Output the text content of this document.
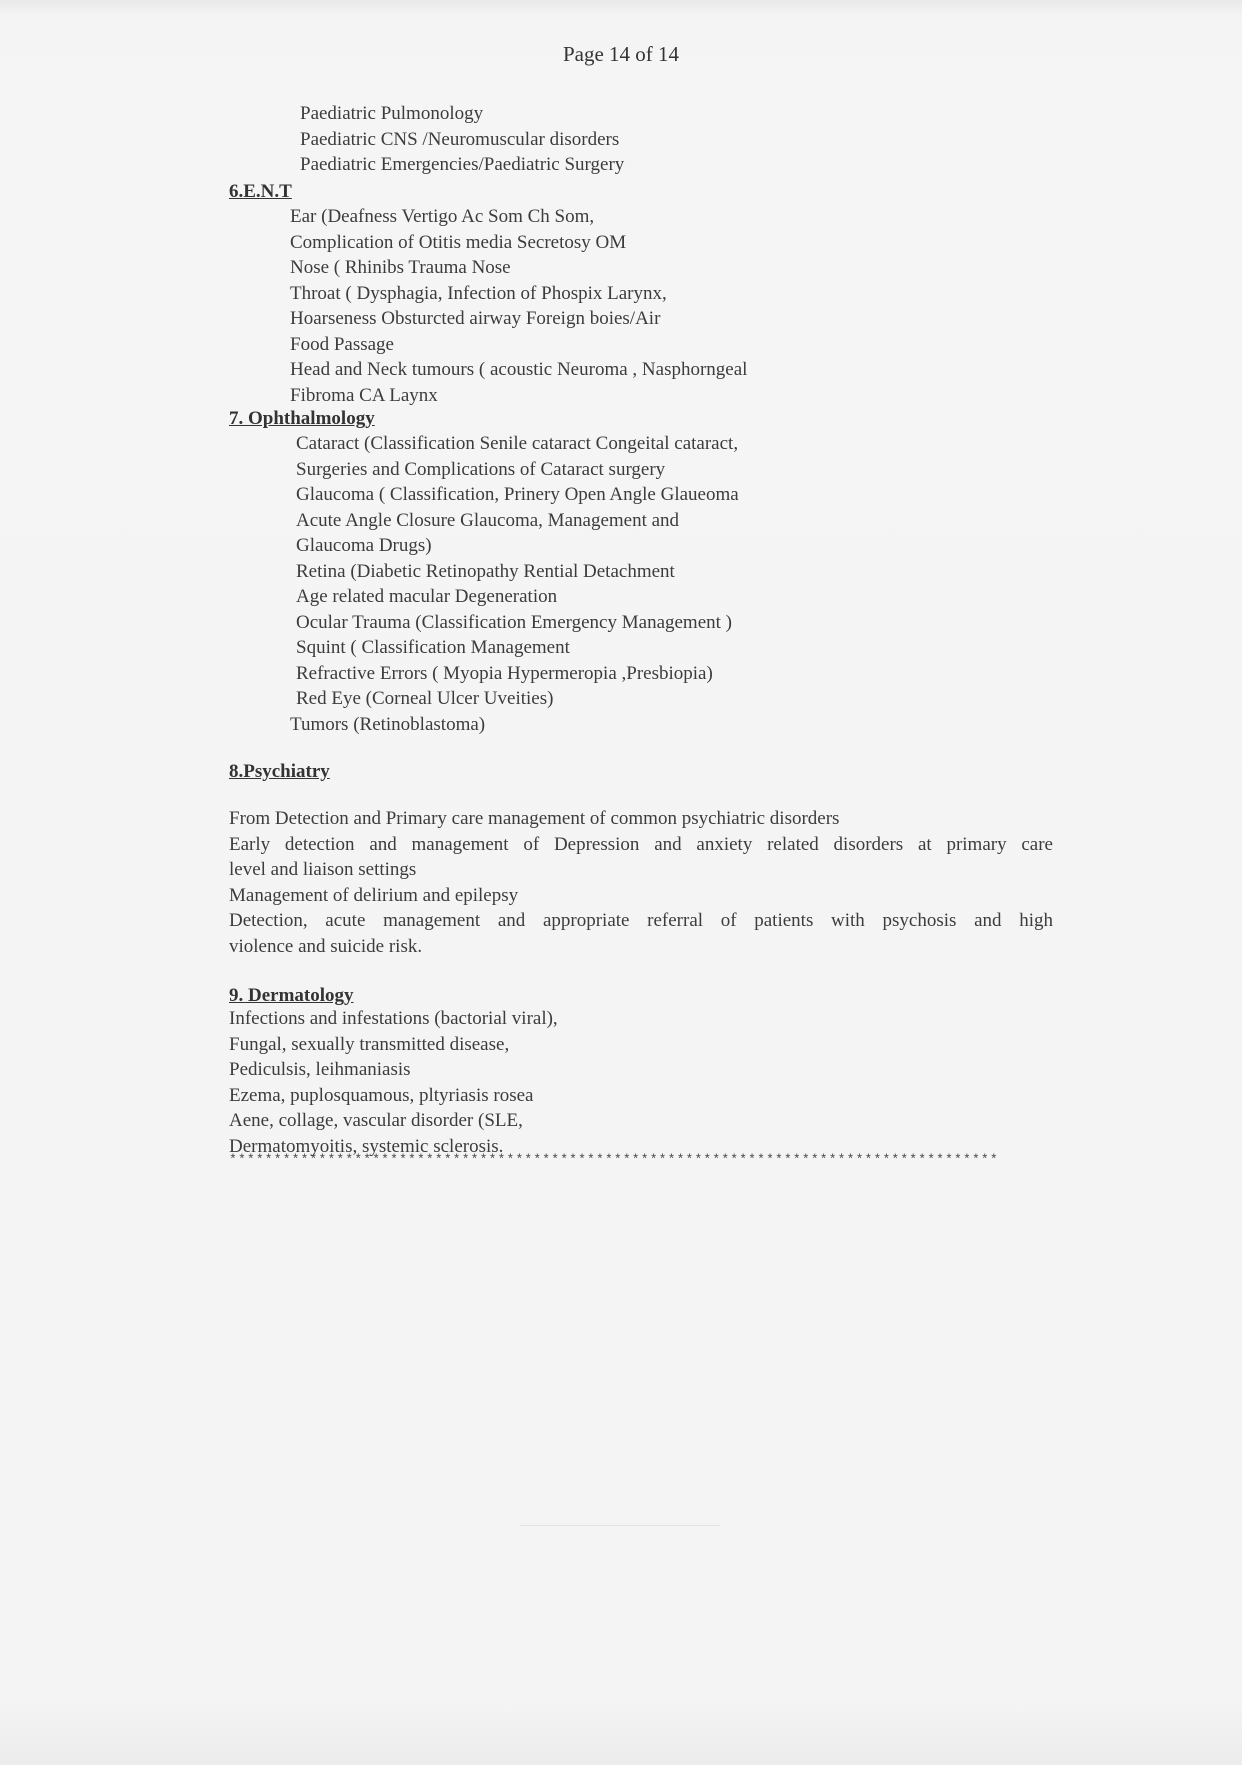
Page 14 of 14
Paediatric Pulmonology
Paediatric CNS /Neuromuscular disorders
Paediatric Emergencies/Paediatric Surgery
6.E.N.T
Ear (Deafness Vertigo Ac Som Ch Som,
Complication of Otitis media Secretosy OM
Nose ( Rhinibs Trauma Nose
Throat ( Dysphagia, Infection of Phospix Larynx,
Hoarseness Obsturcted airway Foreign boies/Air
Food Passage
Head and Neck tumours ( acoustic Neuroma , Nasphorngeal
Fibroma CA Laynx
7. Ophthalmology
Cataract (Classification Senile cataract Congeital cataract,
Surgeries and Complications of Cataract surgery
Glaucoma ( Classification, Prinery Open Angle Glaueoma
Acute Angle Closure Glaucoma, Management and
Glaucoma Drugs)
Retina (Diabetic Retinopathy Rential Detachment
Age related macular Degeneration
Ocular Trauma (Classification Emergency Management )
Squint ( Classification Management
Refractive Errors ( Myopia Hypermeropia ,Presbiopia)
Red Eye (Corneal Ulcer Uveities)
Tumors (Retinoblastoma)
8.Psychiatry
From Detection and Primary care management of common psychiatric disorders
Early detection and management of Depression and anxiety related disorders at primary care
level and liaison settings
Management of delirium and epilepsy
Detection, acute management and appropriate referral of patients with psychosis and high
violence and suicide risk.
9. Dermatology
Infections and infestations (bactorial viral),
Fungal, sexually transmitted disease,
Pediculsis, leihmaniasis
Ezema, puplosquamous, pltyriasis rosea
Aene, collage, vascular disorder (SLE,
Dermatomyoitis, systemic sclerosis.
**************************************************************************************
